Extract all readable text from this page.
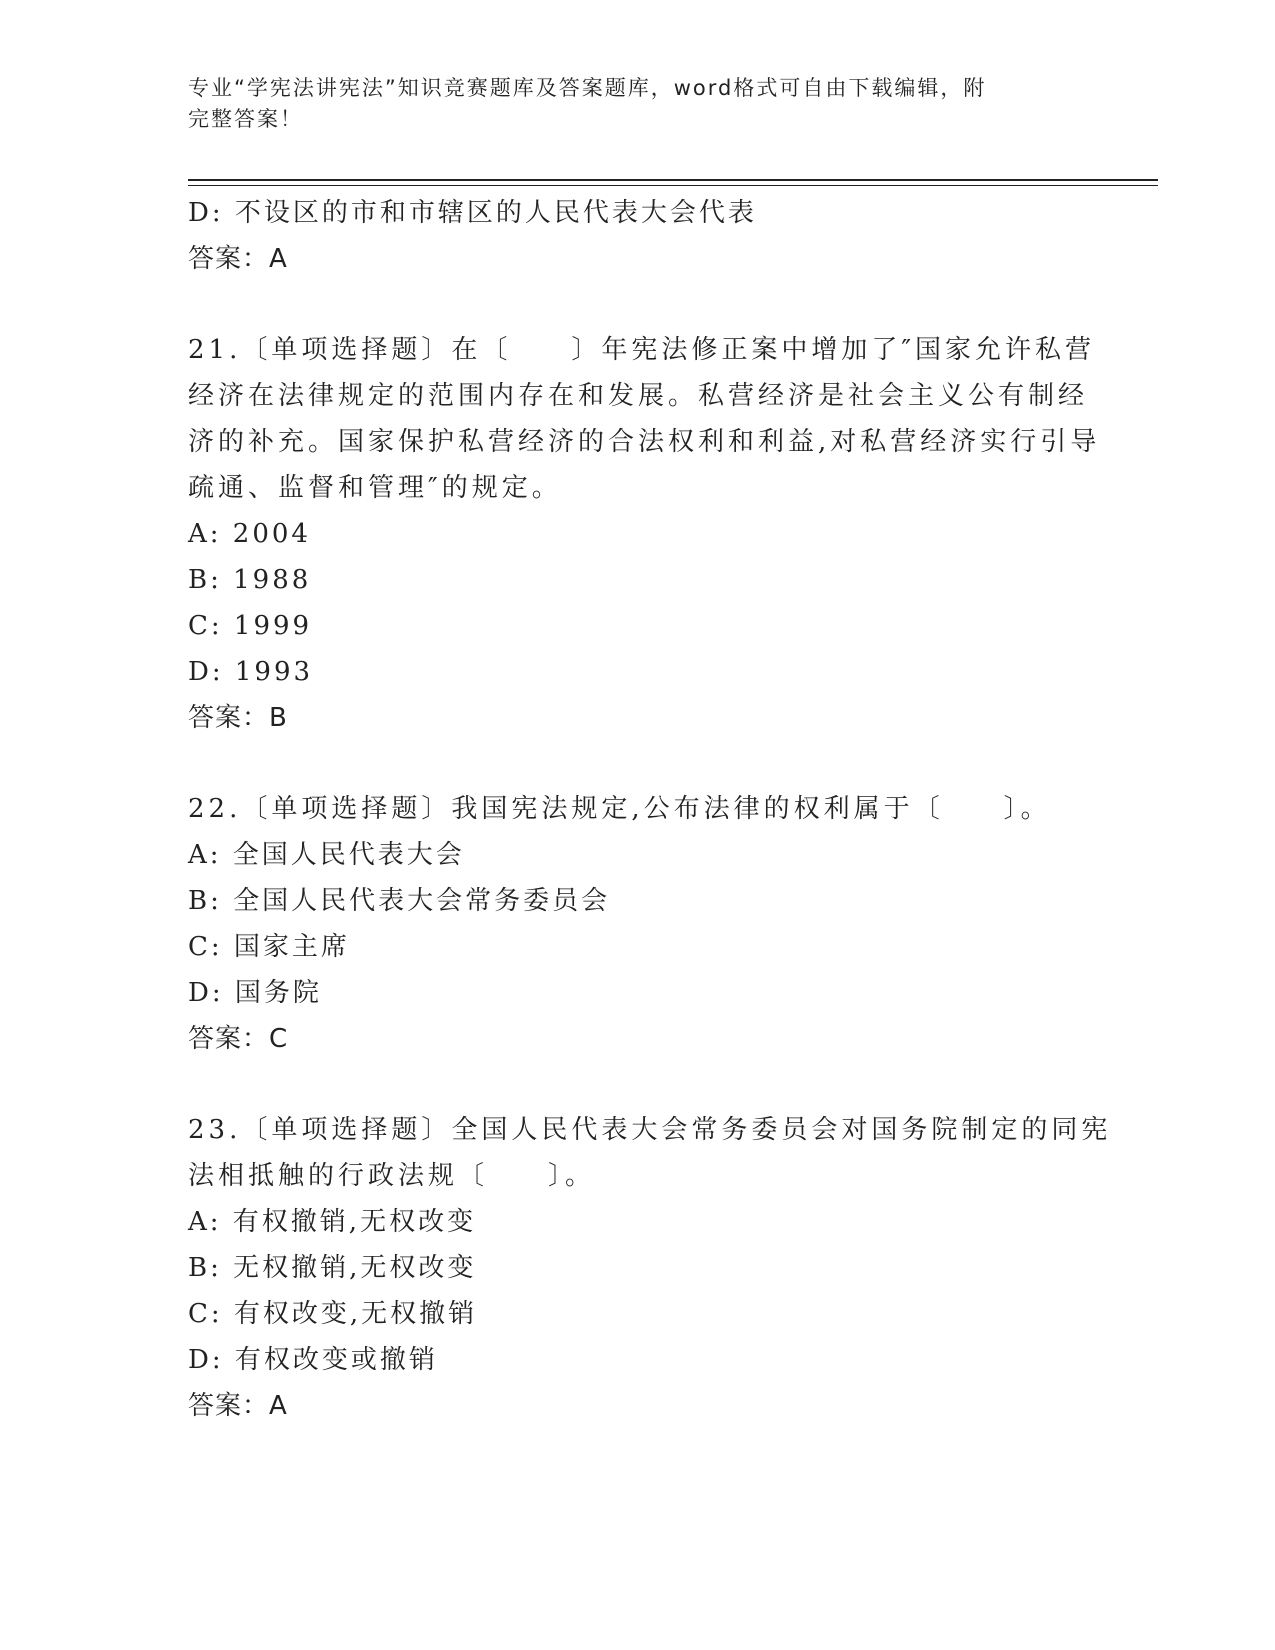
专业“学宪法讲宪法”知识竞赛题库及答案题库，word格式可自由下载编辑，附
完整答案！
D: 不设区的市和市辖区的人民代表大会代表
答案：A
21.〔单项选择题〕在〔　　〕年宪法修正案中增加了″国家允许私营
经济在法律规定的范围内存在和发展。私营经济是社会主义公有制经
济的补充。国家保护私营经济的合法权利和利益,对私营经济实行引导
疏通、监督和管理″的规定。
A: 2004
B: 1988
C: 1999
D: 1993
答案：B
22.〔单项选择题〕我国宪法规定,公布法律的权利属于〔　　〕。
A: 全国人民代表大会
B: 全国人民代表大会常务委员会
C: 国家主席
D: 国务院
答案：C
23.〔单项选择题〕全国人民代表大会常务委员会对国务院制定的同宪
法相抵触的行政法规〔　　〕。
A: 有权撤销,无权改变
B: 无权撤销,无权改变
C: 有权改变,无权撤销
D: 有权改变或撤销
答案：A
